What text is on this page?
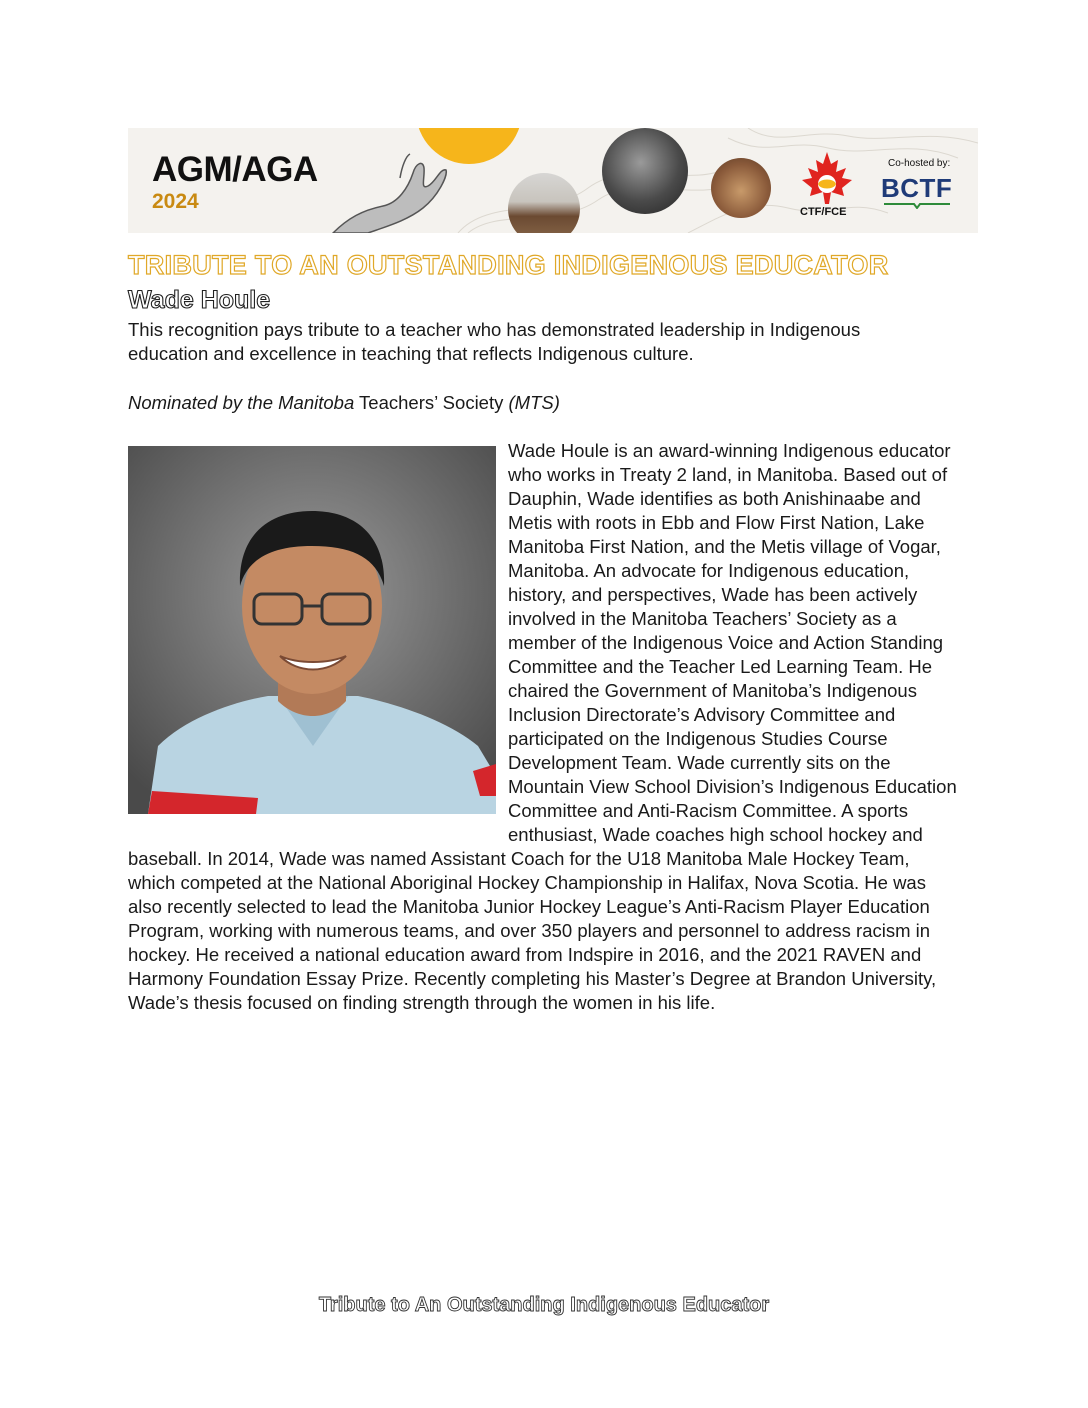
AGM/AGA
2024	CTF/FCE
Co-hosted by:
BCTF
TRIBUTE TO AN OUTSTANDING INDIGENOUS EDUCATOR
Wade Houle

This recognition pays tribute to a teacher who has demonstrated leadership in Indigenous education and excellence in teaching that reflects Indigenous culture.

Nominated by the Manitoba Teachers’ Society (MTS)

Wade Houle is an award-winning Indigenous educator who works in Treaty 2 land, in Manitoba. Based out of Dauphin, Wade identifies as both Anishinaabe and Metis with roots in Ebb and Flow First Nation, Lake Manitoba First Nation, and the Metis village of Vogar, Manitoba. An advocate for Indigenous education, history, and perspectives, Wade has been actively involved in the Manitoba Teachers’ Society as a member of the Indigenous Voice and Action Standing Committee and the Teacher Led Learning Team. He chaired the Government of Manitoba’s Indigenous Inclusion Directorate’s Advisory Committee and participated on the Indigenous Studies Course Development Team. Wade currently sits on the Mountain View School Division’s Indigenous Education Committee and Anti-Racism Committee. A sports enthusiast, Wade coaches high school hockey and baseball. In 2014, Wade was named Assistant Coach for the U18 Manitoba Male Hockey Team, which competed at the National Aboriginal Hockey Championship in Halifax, Nova Scotia. He was also recently selected to lead the Manitoba Junior Hockey League’s Anti-Racism Player Education Program, working with numerous teams, and over 350 players and personnel to address racism in hockey. He received a national education award from Indspire in 2016, and the 2021 RAVEN and Harmony Foundation Essay Prize. Recently completing his Master’s Degree at Brandon University, Wade’s thesis focused on finding strength through the women in his life.

Tribute to An Outstanding Indigenous Educator
